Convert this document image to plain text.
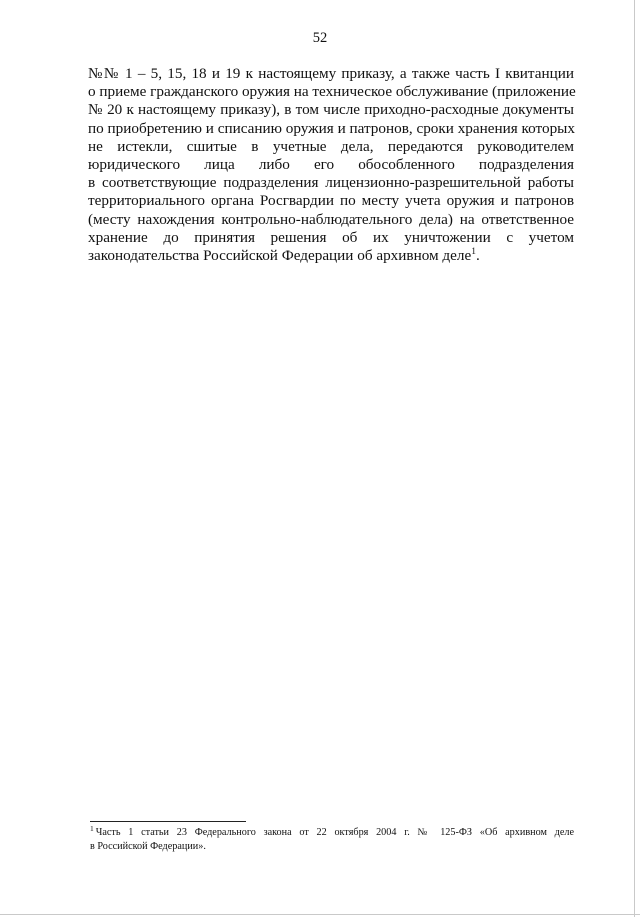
52
№№ 1 – 5, 15, 18 и 19 к настоящему приказу, а также часть I квитанции
о приеме гражданского оружия на техническое обслуживание (приложение
№ 20 к настоящему приказу), в том числе приходно-расходные документы
по приобретению и списанию оружия и патронов, сроки хранения которых
не истекли, сшитые в учетные дела, передаются руководителем
юридического лица либо его обособленного подразделения
в соответствующие подразделения лицензионно-разрешительной работы
территориального органа Росгвардии по месту учета оружия и патронов
(месту нахождения контрольно-наблюдательного дела) на ответственное
хранение до принятия решения об их уничтожении с учетом
законодательства Российской Федерации об архивном деле$^1$.
$^1$ Часть 1 статьи 23 Федерального закона от 22 октября 2004 г. № 125-ФЗ «Об архивном деле
в Российской Федерации».
